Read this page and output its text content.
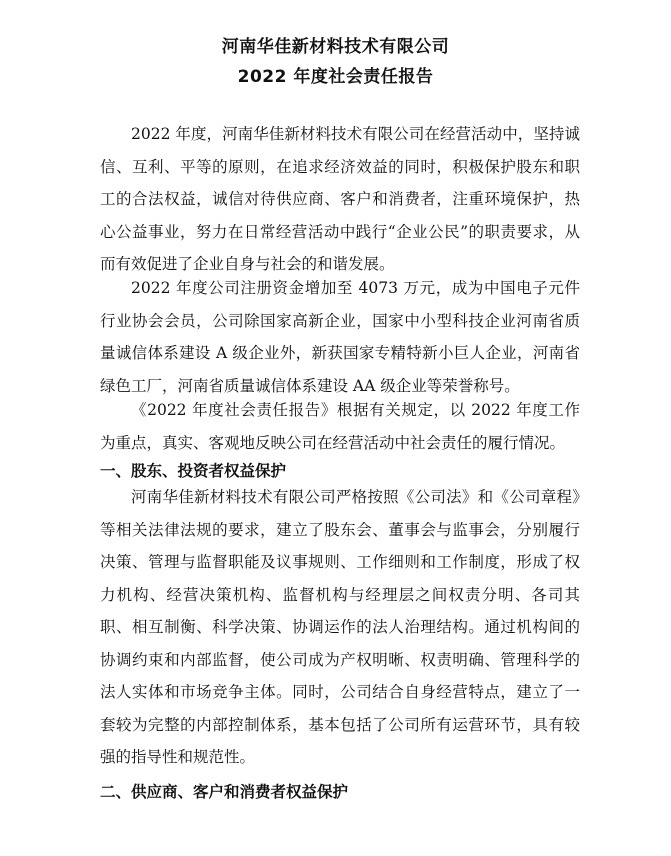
河南华佳新材料技术有限公司
2022 年度社会责任报告

2022 年度，河南华佳新材料技术有限公司在经营活动中，坚持诚信、互利、平等的原则，在追求经济效益的同时，积极保护股东和职工的合法权益，诚信对待供应商、客户和消费者，注重环境保护，热心公益事业，努力在日常经营活动中践行“企业公民”的职责要求，从而有效促进了企业自身与社会的和谐发展。

2022 年度公司注册资金增加至 4073 万元，成为中国电子元件行业协会会员，公司除国家高新企业，国家中小型科技企业河南省质量诚信体系建设 A 级企业外，新获国家专精特新小巨人企业，河南省绿色工厂，河南省质量诚信体系建设 AA 级企业等荣誉称号。

《2022 年度社会责任报告》根据有关规定，以 2022 年度工作为重点，真实、客观地反映公司在经营活动中社会责任的履行情况。

一、股东、投资者权益保护

河南华佳新材料技术有限公司严格按照《公司法》和《公司章程》等相关法律法规的要求，建立了股东会、董事会与监事会，分别履行决策、管理与监督职能及议事规则、工作细则和工作制度，形成了权力机构、经营决策机构、监督机构与经理层之间权责分明、各司其职、相互制衡、科学决策、协调运作的法人治理结构。通过机构间的协调约束和内部监督，使公司成为产权明晰、权责明确、管理科学的法人实体和市场竞争主体。同时，公司结合自身经营特点，建立了一套较为完整的内部控制体系，基本包括了公司所有运营环节，具有较强的指导性和规范性。

二、供应商、客户和消费者权益保护
